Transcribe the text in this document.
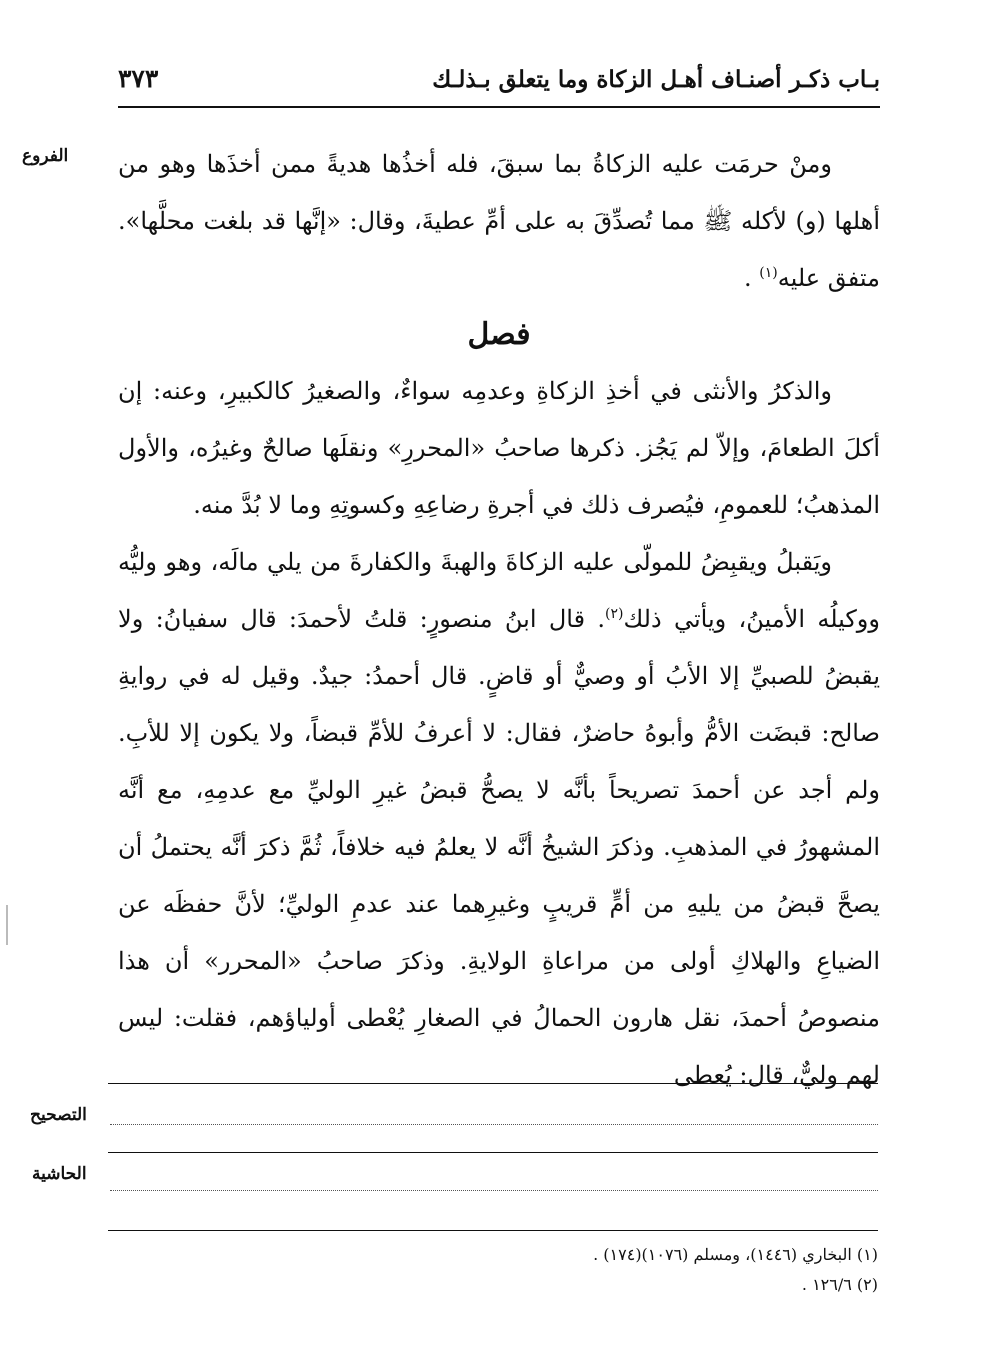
بـاب ذكـر أصنـاف أهـل الزكاة وما يتعلق بـذلـك
٣٧٣
الفروع ومنْ حرمَت عليه الزكاةُ بما سبقَ، فله أخذُها هديةً ممن أخذَها وهو من أهلها (و) لأكله ﷺ مما تُصدِّقَ به على أمِّ عطيةَ، وقال: «إنَّها قد بلغت محلَّها». متفق عليه$^{(١)}$ .

فصل

والذكرُ والأنثى في أخذِ الزكاةِ وعدمِه سواءٌ، والصغيرُ كالكبيرِ، وعنه: إن أكلَ الطعامَ، وإلاّ لم يَجُز. ذكرها صاحبُ «المحررِ» ونقلَها صالحٌ وغيرُه، والأول المذهبُ؛ للعمومِ، فيُصرف ذلك في أجرةِ رضاعِهِ وكسوتِهِ وما لا بُدَّ منه.

ويَقبلُ ويقبِضُ للمولّى عليه الزكاةَ والهبةَ والكفارةَ من يلي مالَه، وهو وليُّه ووكيلُه الأمينُ، ويأتي ذلك$^{(٢)}$. قال ابنُ منصورٍ: قلتُ لأحمدَ: قال سفيانُ: ولا يقبضُ للصبيِّ إلا الأبُ أو وصيٌّ أو قاضٍ. قال أحمدُ: جيدٌ. وقيل له في روايةِ صالح: قبضَت الأمُّ وأبوهُ حاضرٌ، فقال: لا أعرفُ للأمِّ قبضاً، ولا يكون إلا للأبِ. ولم أجد عن أحمدَ تصريحاً بأنَّه لا يصحُّ قبضُ غيرِ الوليِّ مع عدمِهِ، مع أنَّه المشهورُ في المذهبِ. وذكرَ الشيخُ أنَّه لا يعلمُ فيه خلافاً، ثُمَّ ذكرَ أنَّه يحتملُ أن يصحَّ قبضُ من يليهِ من أمٍّ قريبٍ وغيرِهما عند عدمِ الوليِّ؛ لأنَّ حفظَه عن الضياعِ والهلاكِ أولى من مراعاةِ الولايةِ. وذكرَ صاحبُ «المحرر» أن هذا منصوصُ أحمدَ، نقل هارون الحمالُ في الصغارِ يُعْطى أولياؤهم، فقلت: ليس لهم وليٌّ، قال: يُعطى

التصحيح
الحاشية

(١) البخاري (١٤٤٦)، ومسلم (١٠٧٦)(١٧٤) .

(٢) ١٢٦/٦ .
